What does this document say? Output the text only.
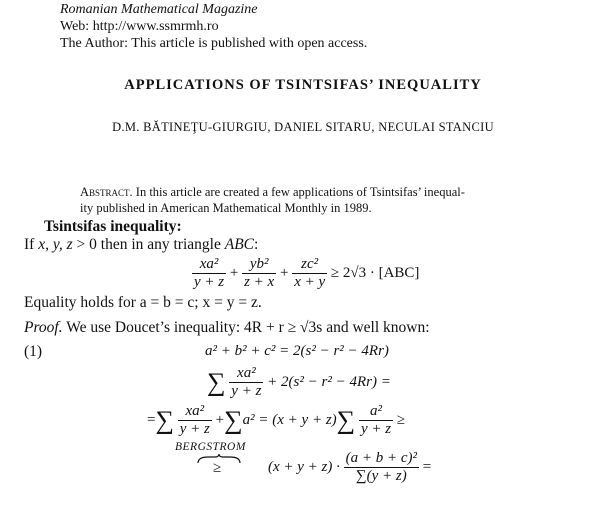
Romanian Mathematical Magazine
Web: http://www.ssmrmh.ro
The Author: This article is published with open access.
APPLICATIONS OF TSINTSIFAS’ INEQUALITY
D.M. BĂTINEŢU-GIURGIU, DANIEL SITARU, NECULAI STANCIU
Abstract. In this article are created a few applications of Tsintsifas’ inequal-
ity published in American Mathematical Monthly in 1989.
Tsintsifas inequality:
If x, y, z > 0 then in any triangle ABC:
$\frac{\text{xa²}}{y + z} + \frac{\text{yb²}}{z + x} + \frac{\text{zc²}}{x + y} \ge 2√3 \cdot [ABC]$
Equality holds for a = b = c; x = y = z.
Proof. We use Doucet’s inequality: 4R + r ≥ √3s and well known:
(1)	a² + b² + c² = 2(s² − r² − 4Rr)
∑ $\frac{\text{xa²}}{y + z} + 2(s^2 - r^2 - 4Rr)$ =
=∑ $\frac{\text{xa²}}{y + z} +\sum a^2 = (x + y + z)\sum \frac{\text{a²}}{y + z}$ ≥
BERGSTROM
≥	$(x + y + z) \cdot \frac{\text{(a + b + c)²}}{\sum(y + z)}$ =
